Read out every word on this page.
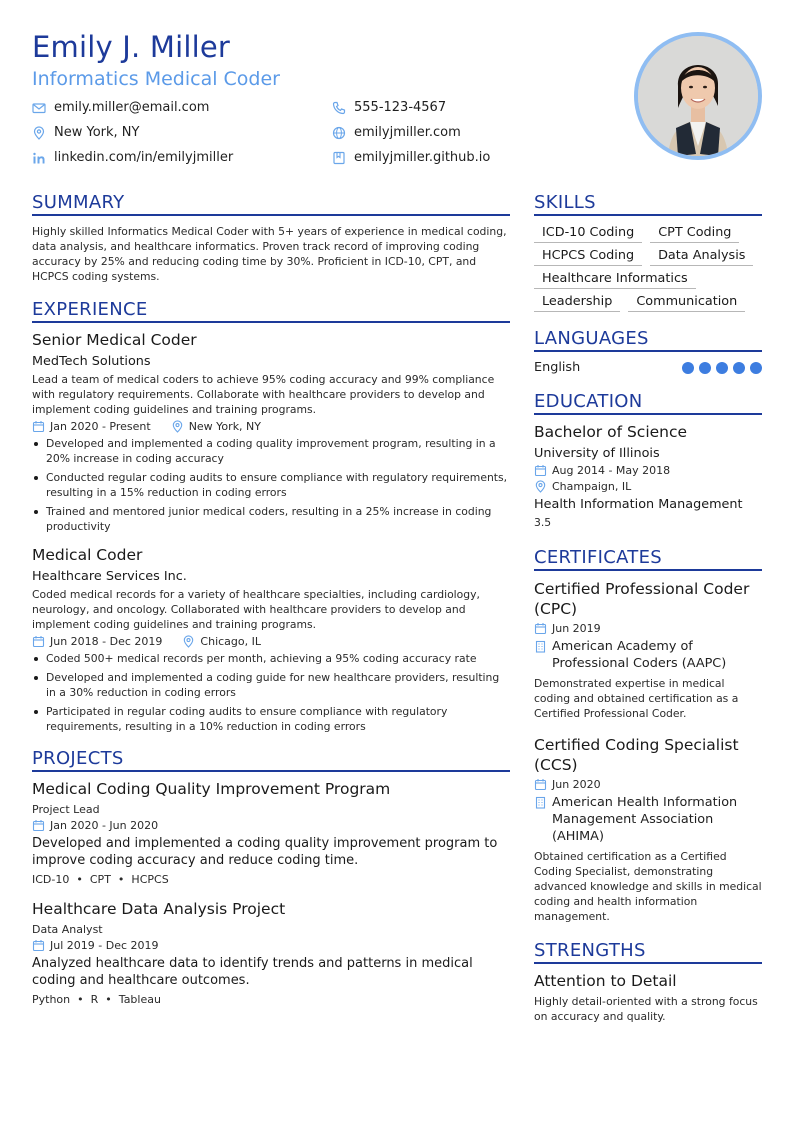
Emily J. Miller
Informatics Medical Coder
emily.miller@email.com	555-123-4567
New York, NY	emilyjmiller.com
linkedin.com/in/emilyjmiller	emilyjmiller.github.io
SUMMARY
Highly skilled Informatics Medical Coder with 5+ years of experience in medical coding, data analysis, and healthcare informatics. Proven track record of improving coding accuracy by 25% and reducing coding time by 30%. Proficient in ICD-10, CPT, and HCPCS coding systems.
EXPERIENCE
Senior Medical Coder
MedTech Solutions
Lead a team of medical coders to achieve 95% coding accuracy and 99% compliance with regulatory requirements. Collaborate with healthcare providers to develop and implement coding guidelines and training programs.
Jan 2020 - Present	New York, NY
Developed and implemented a coding quality improvement program, resulting in a 20% increase in coding accuracy
Conducted regular coding audits to ensure compliance with regulatory requirements, resulting in a 15% reduction in coding errors
Trained and mentored junior medical coders, resulting in a 25% increase in coding productivity
Medical Coder
Healthcare Services Inc.
Coded medical records for a variety of healthcare specialties, including cardiology, neurology, and oncology. Collaborated with healthcare providers to develop and implement coding guidelines and training programs.
Jun 2018 - Dec 2019	Chicago, IL
Coded 500+ medical records per month, achieving a 95% coding accuracy rate
Developed and implemented a coding guide for new healthcare providers, resulting in a 30% reduction in coding errors
Participated in regular coding audits to ensure compliance with regulatory requirements, resulting in a 10% reduction in coding errors
PROJECTS
Medical Coding Quality Improvement Program
Project Lead
Jan 2020 - Jun 2020
Developed and implemented a coding quality improvement program to improve coding accuracy and reduce coding time.
ICD-10 • CPT • HCPCS
Healthcare Data Analysis Project
Data Analyst
Jul 2019 - Dec 2019
Analyzed healthcare data to identify trends and patterns in medical coding and healthcare outcomes.
Python • R • Tableau
SKILLS
ICD-10 Coding	CPT Coding
HCPCS Coding	Data Analysis
Healthcare Informatics
Leadership	Communication
LANGUAGES
English
EDUCATION
Bachelor of Science
University of Illinois
Aug 2014 - May 2018
Champaign, IL
Health Information Management
3.5
CERTIFICATES
Certified Professional Coder (CPC)
Jun 2019
American Academy of Professional Coders (AAPC)
Demonstrated expertise in medical coding and obtained certification as a Certified Professional Coder.
Certified Coding Specialist (CCS)
Jun 2020
American Health Information Management Association (AHIMA)
Obtained certification as a Certified Coding Specialist, demonstrating advanced knowledge and skills in medical coding and health information management.
STRENGTHS
Attention to Detail
Highly detail-oriented with a strong focus on accuracy and quality.
